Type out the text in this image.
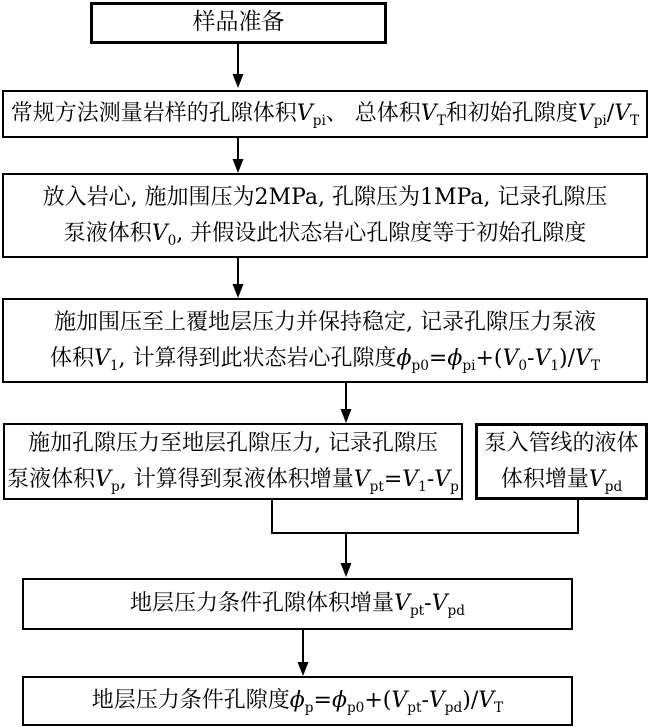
样品准备
常规方法测量岩样的孔隙体积$V_{pi}$、 总体积$V_T$和初始孔隙度$V_{pi}/V_T$
放入岩心, 施加围压为2MPa, 孔隙压为1MPa, 记录孔隙压
泵液体积$V_0$, 并假设此状态岩心孔隙度等于初始孔隙度
施加围压至上覆地层压力并保持稳定, 记录孔隙压力泵液
体积$V_1$, 计算得到此状态岩心孔隙度$\phi_{p0}=\phi_{pi}+(V_0-V_1)/V_T$
施加孔隙压力至地层孔隙压力, 记录孔隙压
泵液体积$V_p$, 计算得到泵液体积增量$V_{pt}=V_1-V_p$
泵入管线的液体
体积增量$V_{pd}$
地层压力条件孔隙体积增量$V_{pt}-V_{pd}$
地层压力条件孔隙度$\phi_p=\phi_{p0}+(V_{pt}-V_{pd})/V_T$
